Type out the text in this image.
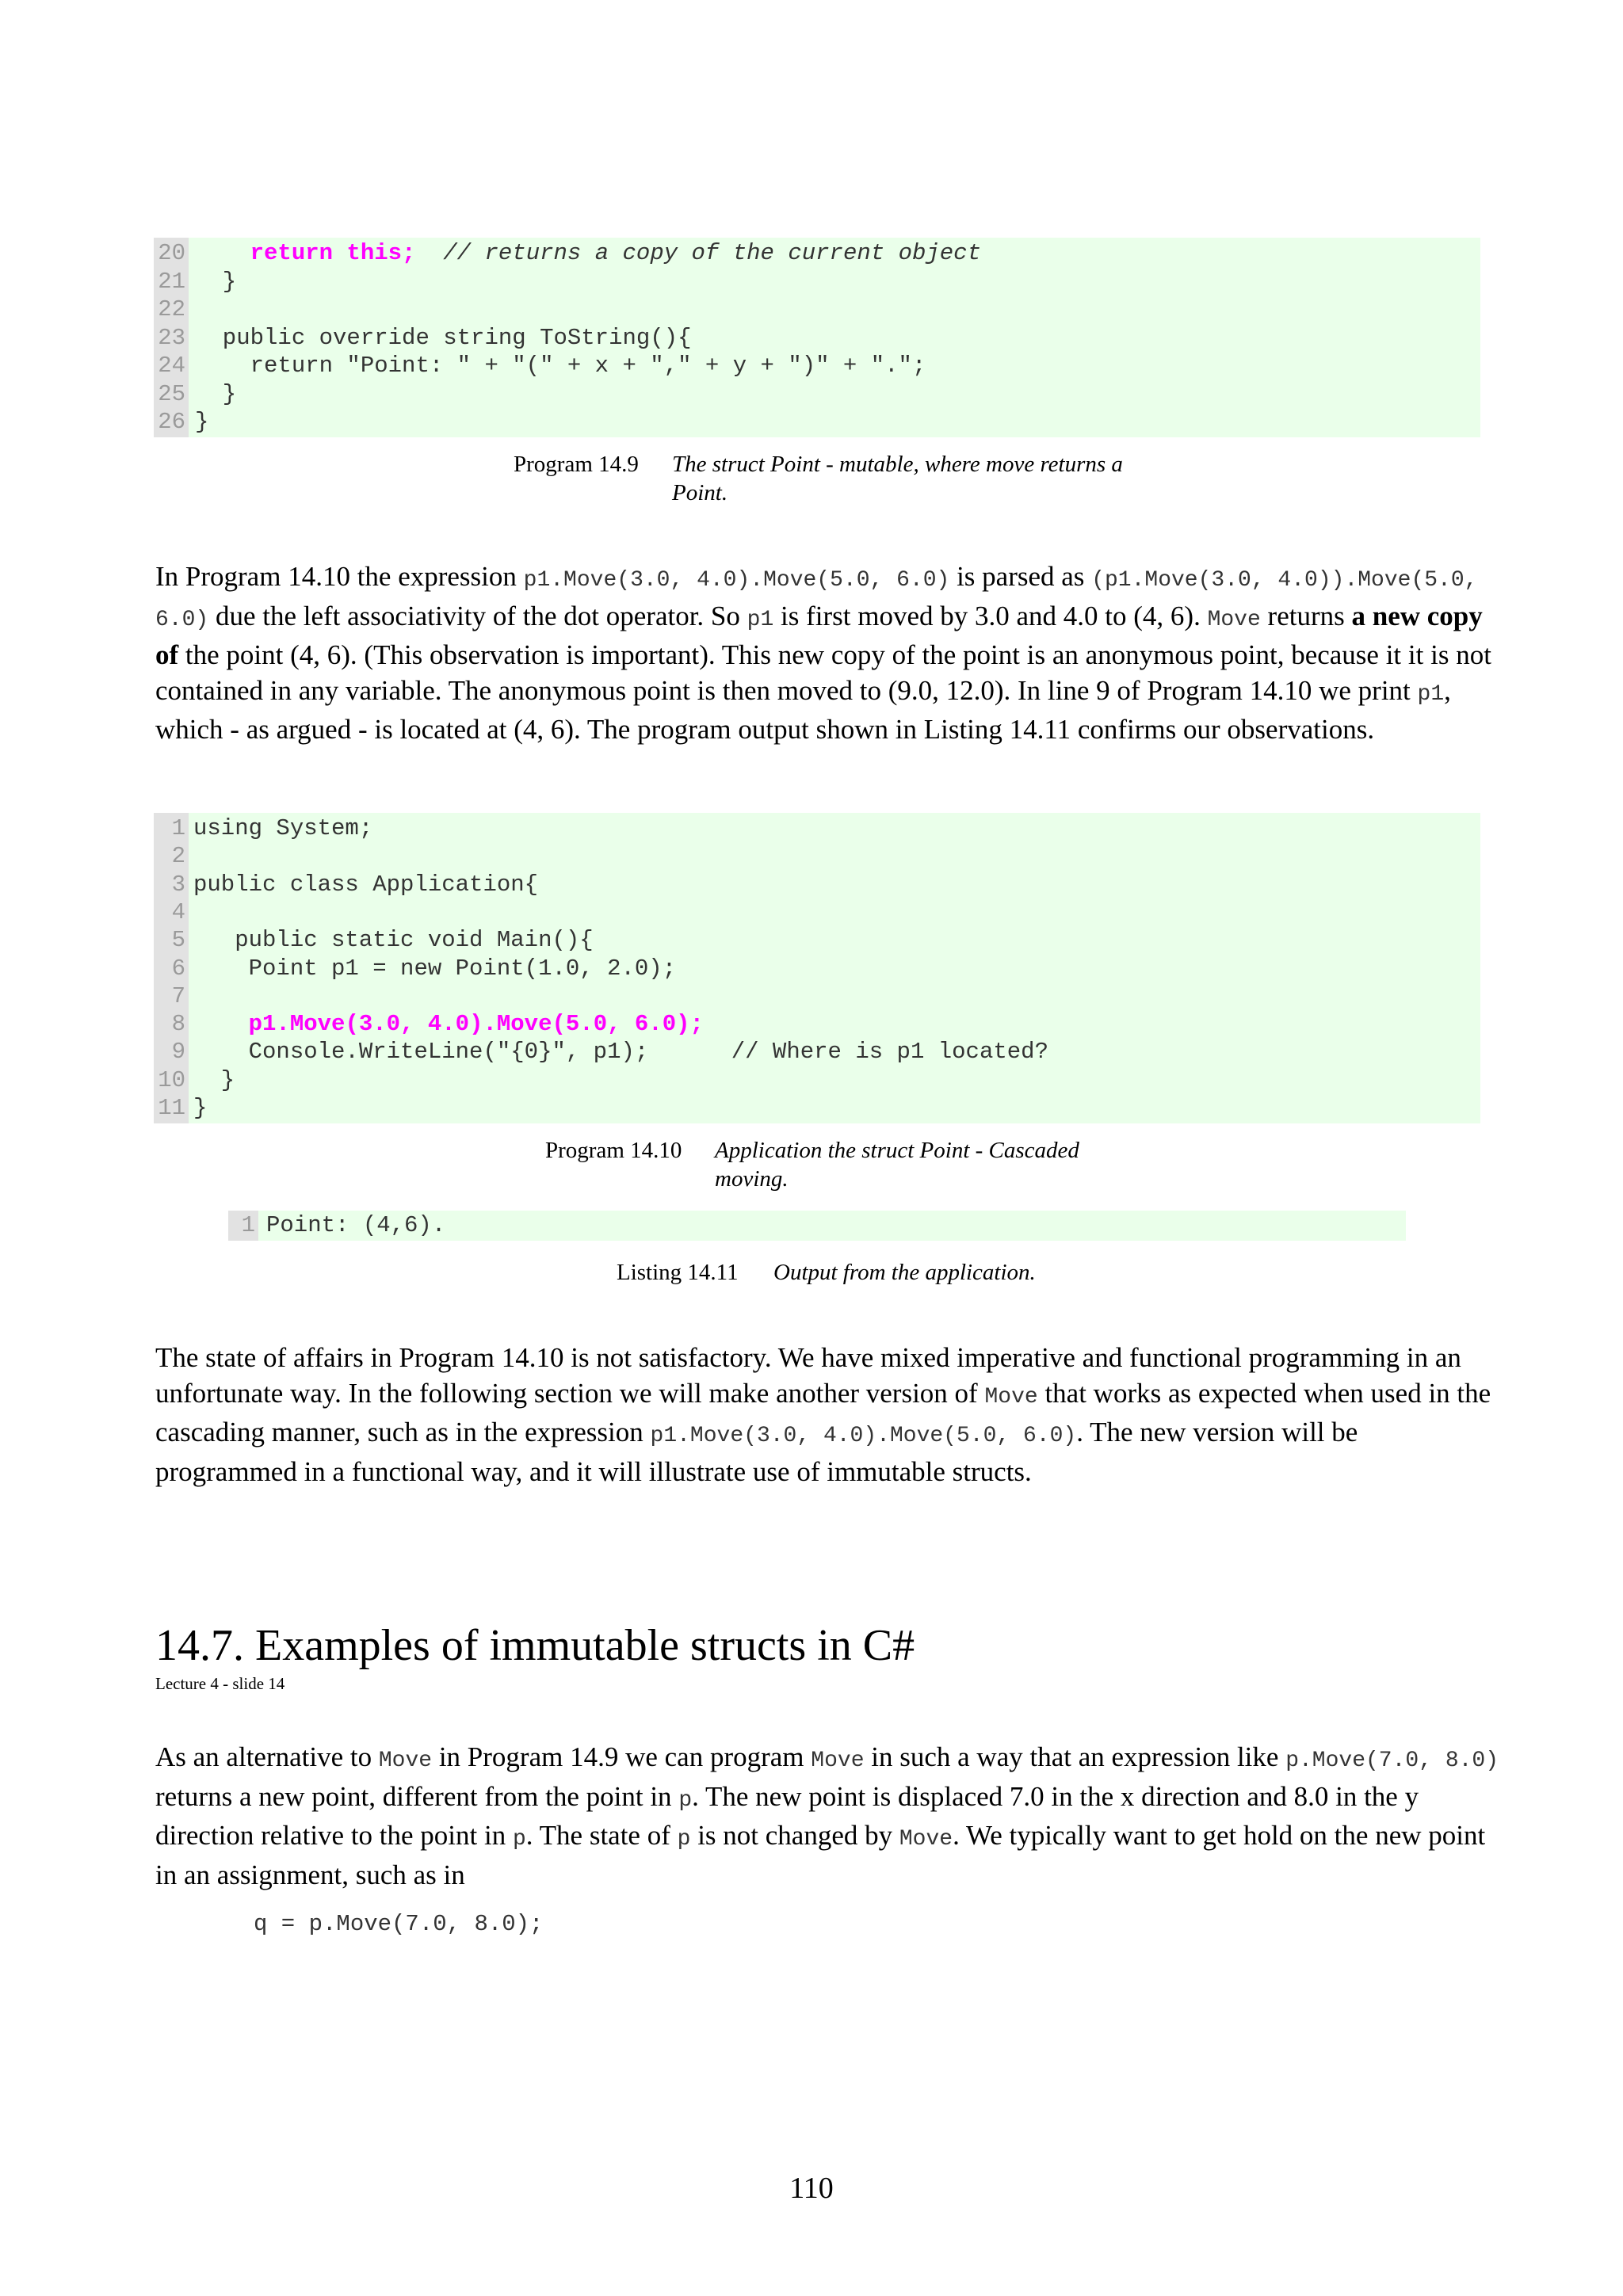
20	return this; // returns a copy of the current object
21 }
22
23 public override string ToString(){
24 return "Point: " + "(" + x + "," + y + ")" + ".";
25 }
26 }
Program 14.9 The struct Point - mutable, where move returns a Point.
In Program 14.10 the expression p1.Move(3.0, 4.0).Move(5.0, 6.0) is parsed as (p1.Move(3.0, 4.0)).Move(5.0, 6.0) due the left associativity of the dot operator. So p1 is first moved by 3.0 and 4.0 to (4, 6). Move returns a new copy of the point (4, 6). (This observation is important). This new copy of the point is an anonymous point, because it it is not contained in any variable. The anonymous point is then moved to (9.0, 12.0). In line 9 of Program 14.10 we print p1, which - as argued - is located at (4, 6). The program output shown in Listing 14.11 confirms our observations.
1 using System;
2
3 public class Application{
4
5 public static void Main(){
6 Point p1 = new Point(1.0, 2.0);
7
8	p1.Move(3.0, 4.0).Move(5.0, 6.0);
9 Console.WriteLine("{0}", p1);      // Where is p1 located?
10 }
11 }
Program 14.10 Application the struct Point - Cascaded moving.
1 Point: (4,6).
Listing 14.11 Output from the application.
The state of affairs in Program 14.10 is not satisfactory. We have mixed imperative and functional programming in an unfortunate way. In the following section we will make another version of Move that works as expected when used in the cascading manner, such as in the expression p1.Move(3.0, 4.0).Move(5.0, 6.0). The new version will be programmed in a functional way, and it will illustrate use of immutable structs.
14.7. Examples of immutable structs in C#
Lecture 4 - slide 14
As an alternative to Move in Program 14.9 we can program Move in such a way that an expression like p.Move(7.0, 8.0) returns a new point, different from the point in p. The new point is displaced 7.0 in the x direction and 8.0 in the y direction relative to the point in p. The state of p is not changed by Move. We typically want to get hold on the new point in an assignment, such as in
q = p.Move(7.0, 8.0);
110
